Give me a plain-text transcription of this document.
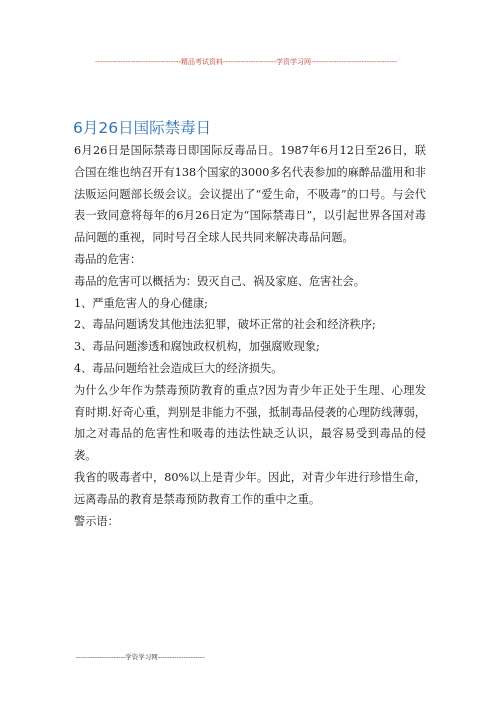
----------------------------------精品考试资料---------------------学资学习网----------------------------------
6月26日国际禁毒日

6月26日是国际禁毒日即国际反毒品日。1987年6月12日至26日，联合国在维也纳召开有138个国家的3000多名代表参加的麻醉品滥用和非法贩运问题部长级会议。会议提出了“爱生命，不吸毒”的口号。与会代表一致同意将每年的6月26日定为“国际禁毒日”，以引起世界各国对毒品问题的重视，同时号召全球人民共同来解决毒品问题。

毒品的危害：

毒品的危害可以概括为：毁灭自己、祸及家庭、危害社会。

1、严重危害人的身心健康;

2、毒品问题诱发其他违法犯罪，破坏正常的社会和经济秩序;

3、毒品问题渗透和腐蚀政权机构，加强腐败现象;

4、毒品问题给社会造成巨大的经济损失。

为什么少年作为禁毒预防教育的重点?因为青少年正处于生理、心理发育时期.好奇心重，判别是非能力不强，抵制毒品侵袭的心理防线薄弱，加之对毒品的危害性和吸毒的违法性缺乏认识，最容易受到毒品的侵袭。

我省的吸毒者中，80%以上是青少年。因此，对青少年进行珍惜生命，远离毒品的教育是禁毒预防教育工作的重中之重。

警示语：

---------------------学资学习网--------------------
